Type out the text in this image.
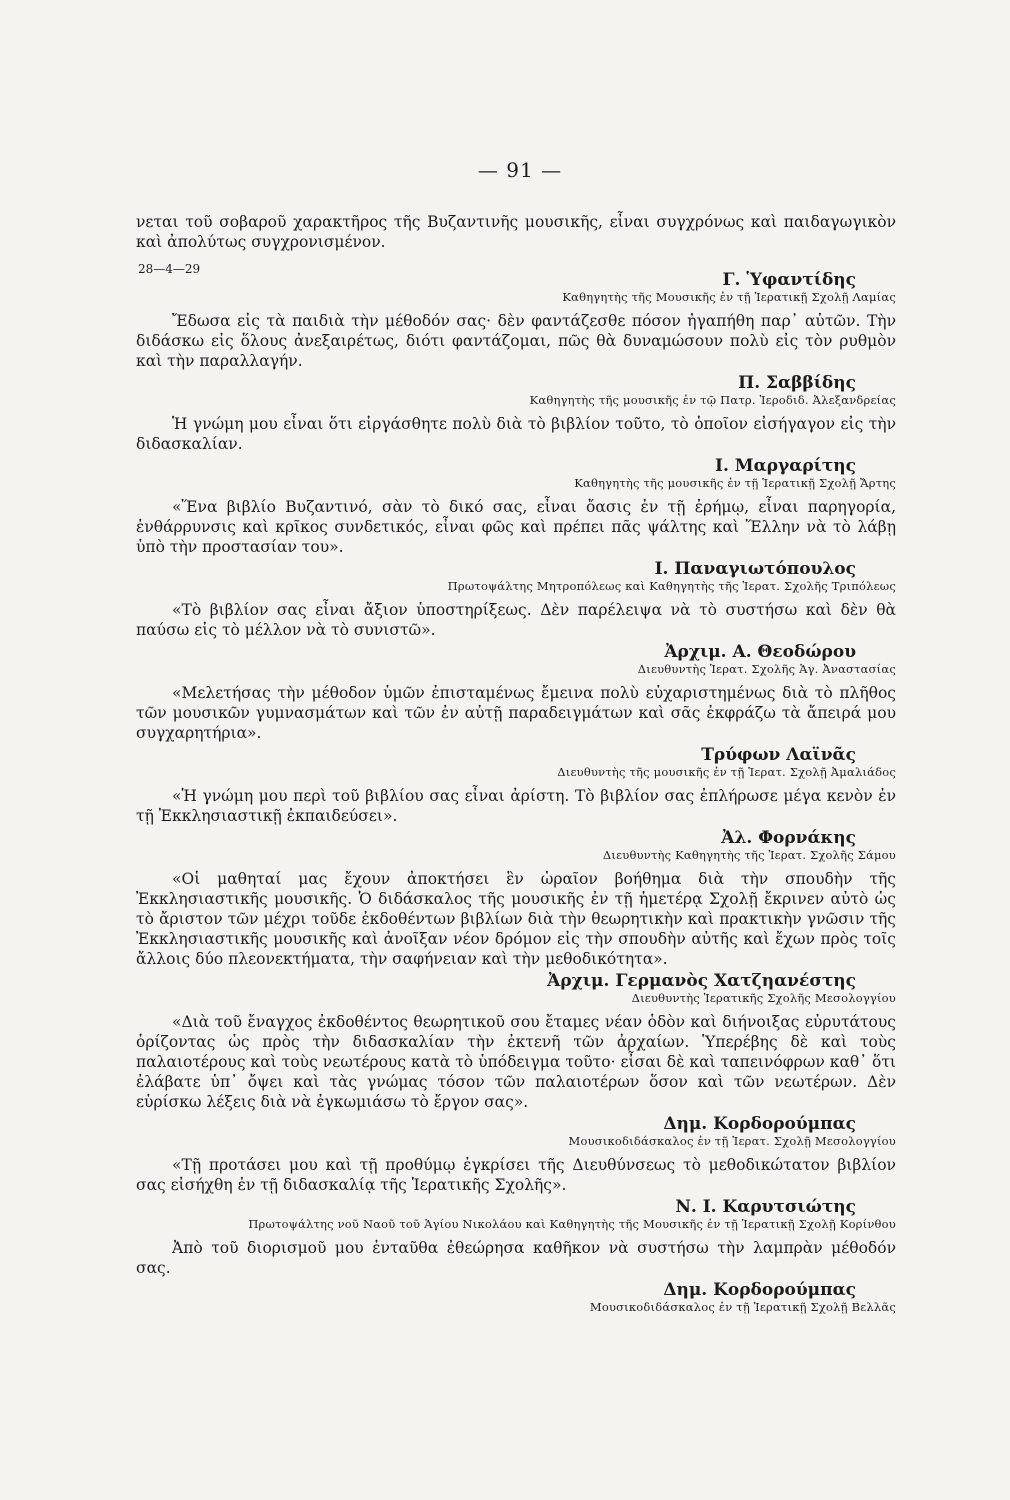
— 91 —

νεται τοῦ σοβαροῦ χαρακτῆρος τῆς Βυζαντινῆς μουσικῆς, εἶναι συγχρόνως καὶ παιδαγωγικὸν καὶ ἀπολύτως συγχρονισμένον.

28—4—29
Γ. Ὑφαντίδης
Καθηγητὴς τῆς Μουσικῆς ἐν τῇ Ἱερατικῇ Σχολῇ Λαμίας

Ἔδωσα εἰς τὰ παιδιὰ τὴν μέθοδόν σας· δὲν φαντάζεσθε πόσον ἠγαπήθη παρ᾽ αὐτῶν. Τὴν διδάσκω εἰς ὅλους ἀνεξαιρέτως, διότι φαντάζομαι, πῶς θὰ δυναμώσουν πολὺ εἰς τὸν ρυθμὸν καὶ τὴν παραλλαγήν.

Π. Σαββίδης
Καθηγητὴς τῆς μουσικῆς ἐν τῷ Πατρ. Ἱεροδιδ. Ἀλεξανδρείας

Ἡ γνώμη μου εἶναι ὅτι εἰργάσθητε πολὺ διὰ τὸ βιβλίον τοῦτο, τὸ ὁποῖον εἰσήγαγον εἰς τὴν διδασκαλίαν.

Ι. Μαργαρίτης
Καθηγητὴς τῆς μουσικῆς ἐν τῇ Ἱερατικῇ Σχολῇ Ἄρτης

«Ἕνα βιβλίο Βυζαντινό, σὰν τὸ δικό σας, εἶναι ὄασις ἐν τῇ ἐρήμῳ, εἶναι παρηγορία, ἐνθάρρυνσις καὶ κρῖκος συνδετικός, εἶναι φῶς καὶ πρέπει πᾶς ψάλτης καὶ Ἕλλην νὰ τὸ λάβῃ ὑπὸ τὴν προστασίαν του».

Ι. Παναγιωτόπουλος
Πρωτοψάλτης Μητροπόλεως καὶ Καθηγητὴς τῆς Ἱερατ. Σχολῆς Τριπόλεως

«Τὸ βιβλίον σας εἶναι ἄξιον ὑποστηρίξεως. Δὲν παρέλειψα νὰ τὸ συστήσω καὶ δὲν θὰ παύσω εἰς τὸ μέλλον νὰ τὸ συνιστῶ».

Ἀρχιμ. Α. Θεοδώρου
Διευθυντὴς Ἱερατ. Σχολῆς Ἁγ. Ἀναστασίας

«Μελετήσας τὴν μέθοδον ὑμῶν ἐπισταμένως ἔμεινα πολὺ εὐχαριστημένως διὰ τὸ πλῆθος τῶν μουσικῶν γυμνασμάτων καὶ τῶν ἐν αὐτῇ παραδειγμάτων καὶ σᾶς ἐκφράζω τὰ ἄπειρά μου συγχαρητήρια».

Τρύφων Λαϊνᾶς
Διευθυντὴς τῆς μουσικῆς ἐν τῇ Ἱερατ. Σχολῇ Ἀμαλιάδος

«Ἡ γνώμη μου περὶ τοῦ βιβλίου σας εἶναι ἀρίστη. Τὸ βιβλίον σας ἐπλήρωσε μέγα κενὸν ἐν τῇ Ἐκκλησιαστικῇ ἐκπαιδεύσει».

Ἀλ. Φορνάκης
Διευθυντὴς Καθηγητὴς τῆς Ἱερατ. Σχολῆς Σάμου

«Οἱ μαθηταί μας ἔχουν ἀποκτήσει ἓν ὡραῖον βοήθημα διὰ τὴν σπουδὴν τῆς Ἐκκλησιαστικῆς μουσικῆς. Ὁ διδάσκαλος τῆς μουσικῆς ἐν τῇ ἡμετέρᾳ Σχολῇ ἔκρινεν αὐτὸ ὡς τὸ ἄριστον τῶν μέχρι τοῦδε ἐκδοθέντων βιβλίων διὰ τὴν θεωρητικὴν καὶ πρακτικὴν γνῶσιν τῆς Ἐκκλησιαστικῆς μουσικῆς καὶ ἀνοῖξαν νέον δρόμον εἰς τὴν σπουδὴν αὐτῆς καὶ ἔχων πρὸς τοῖς ἄλλοις δύο πλεονεκτήματα, τὴν σαφήνειαν καὶ τὴν μεθοδικότητα».

Ἀρχιμ. Γερμανὸς Χατζηανέστης
Διευθυντὴς Ἱερατικῆς Σχολῆς Μεσολογγίου

«Διὰ τοῦ ἔναγχος ἐκδοθέντος θεωρητικοῦ σου ἔταμες νέαν ὁδὸν καὶ διήνοιξας εὐρυτάτους ὁρίζοντας ὡς πρὸς τὴν διδασκαλίαν τὴν ἐκτενῆ τῶν ἀρχαίων. Ὑπερέβης δὲ καὶ τοὺς παλαιοτέρους καὶ τοὺς νεωτέρους κατὰ τὸ ὑπόδειγμα τοῦτο· εἶσαι δὲ καὶ ταπεινόφρων καθ᾽ ὅτι ἐλάβατε ὑπ᾽ ὄψει καὶ τὰς γνώμας τόσον τῶν παλαιοτέρων ὅσον καὶ τῶν νεωτέρων. Δὲν εὑρίσκω λέξεις διὰ νὰ ἐγκωμιάσω τὸ ἔργον σας».

Δημ. Κορδορούμπας
Μουσικοδιδάσκαλος ἐν τῇ Ἱερατ. Σχολῇ Μεσολογγίου

«Τῇ προτάσει μου καὶ τῇ προθύμῳ ἐγκρίσει τῆς Διευθύνσεως τὸ μεθοδικώτατον βιβλίον σας εἰσήχθη ἐν τῇ διδασκαλίᾳ τῆς Ἱερατικῆς Σχολῆς».

Ν. Ι. Καρυτσιώτης
Πρωτοψάλτης νοῦ Ναοῦ τοῦ Ἁγίου Νικολάου καὶ Καθηγητὴς τῆς Μουσικῆς ἐν τῇ Ἱερατικῇ Σχολῇ Κορίνθου

Ἀπὸ τοῦ διορισμοῦ μου ἐνταῦθα ἐθεώρησα καθῆκον νὰ συστήσω τὴν λαμπρὰν μέθοδόν σας.

Δημ. Κορδορούμπας
Μουσικοδιδάσκαλος ἐν τῇ Ἱερατικῇ Σχολῇ Βελλᾶς
